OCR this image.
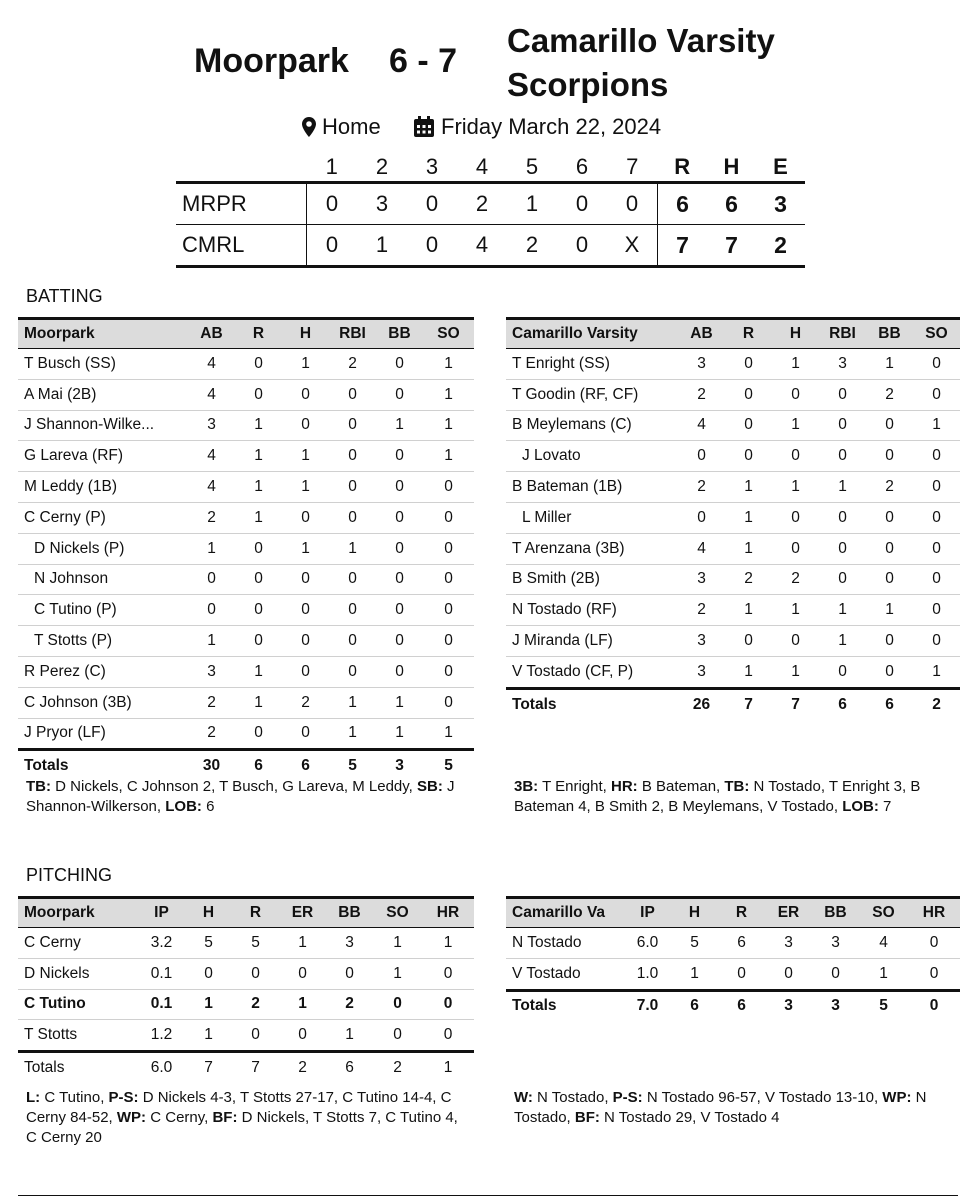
Moorpark 6 - 7
Camarillo Varsity
Scorpions
Home	Friday March 22, 2024
	1	2	3	4	5	6	7	R	H	E
MRPR	0	3	0	2	1	0	0	6	6	3
CMRL	0	1	0	4	2	0	X	7	7	2
BATTING
Moorpark	AB	R	H	RBI	BB	SO
T Busch (SS)	4	0	1	2	0	1
A Mai (2B)	4	0	0	0	0	1
J Shannon-Wilke...	3	1	0	0	1	1
G Lareva (RF)	4	1	1	0	0	1
M Leddy (1B)	4	1	1	0	0	0
C Cerny (P)	2	1	0	0	0	0
D Nickels (P)	1	0	1	1	0	0
N Johnson	0	0	0	0	0	0
C Tutino (P)	0	0	0	0	0	0
T Stotts (P)	1	0	0	0	0	0
R Perez (C)	3	1	0	0	0	0
C Johnson (3B)	2	1	2	1	1	0
J Pryor (LF)	2	0	0	1	1	1
Totals	30	6	6	5	3	5
Camarillo Varsity	AB	R	H	RBI	BB	SO
T Enright (SS)	3	0	1	3	1	0
T Goodin (RF, CF)	2	0	0	0	2	0
B Meylemans (C)	4	0	1	0	0	1
J Lovato	0	0	0	0	0	0
B Bateman (1B)	2	1	1	1	2	0
L Miller	0	1	0	0	0	0
T Arenzana (3B)	4	1	0	0	0	0
B Smith (2B)	3	2	2	0	0	0
N Tostado (RF)	2	1	1	1	1	0
J Miranda (LF)	3	0	0	1	0	0
V Tostado (CF, P)	3	1	1	0	0	1
Totals	26	7	7	6	6	2
TB: D Nickels, C Johnson 2, T Busch, G Lareva, M Leddy, SB: J Shannon-Wilkerson, LOB: 6
3B: T Enright, HR: B Bateman, TB: N Tostado, T Enright 3, B Bateman 4, B Smith 2, B Meylemans, V Tostado, LOB: 7
PITCHING
Moorpark	IP	H	R	ER	BB	SO	HR
C Cerny	3.2	5	5	1	3	1	1
D Nickels	0.1	0	0	0	0	1	0
C Tutino	0.1	1	2	1	2	0	0
T Stotts	1.2	1	0	0	1	0	0
Totals	6.0	7	7	2	6	2	1
Camarillo Va	IP	H	R	ER	BB	SO	HR
N Tostado	6.0	5	6	3	3	4	0
V Tostado	1.0	1	0	0	0	1	0
Totals	7.0	6	6	3	3	5	0
L: C Tutino, P-S: D Nickels 4-3, T Stotts 27-17, C Tutino 14-4, C Cerny 84-52, WP: C Cerny, BF: D Nickels, T Stotts 7, C Tutino 4, C Cerny 20
W: N Tostado, P-S: N Tostado 96-57, V Tostado 13-10, WP: N Tostado, BF: N Tostado 29, V Tostado 4
